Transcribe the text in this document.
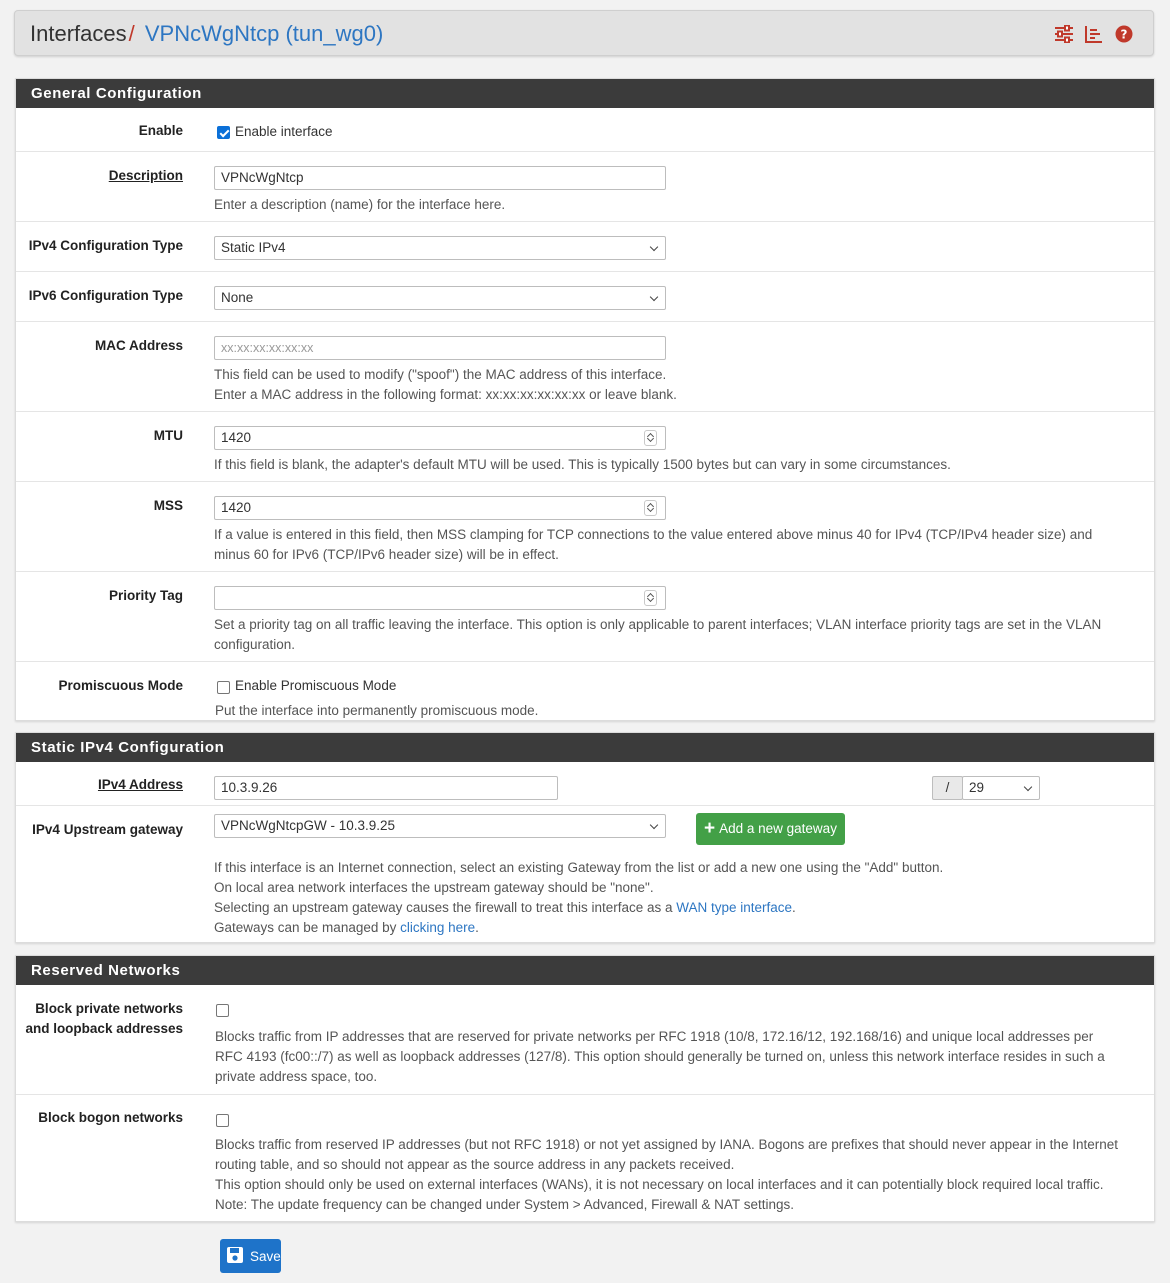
Interfaces/ VPNcWgNtcp (tun_wg0)	?
General Configuration
Enable	Enable interface
Description	VPNcWgNtcp
Enter a description (name) for the interface here.
IPv4 Configuration Type	Static IPv4
IPv6 Configuration Type	None
MAC Address	xx:xx:xx:xx:xx:xx
This field can be used to modify ("spoof") the MAC address of this interface.
Enter a MAC address in the following format: xx:xx:xx:xx:xx:xx or leave blank.
MTU	1420
If this field is blank, the adapter's default MTU will be used. This is typically 1500 bytes but can vary in some circumstances.
MSS	1420
If a value is entered in this field, then MSS clamping for TCP connections to the value entered above minus 40 for IPv4 (TCP/IPv4 header size) and
minus 60 for IPv6 (TCP/IPv6 header size) will be in effect.
Priority Tag
Set a priority tag on all traffic leaving the interface. This option is only applicable to parent interfaces; VLAN interface priority tags are set in the VLAN
configuration.
Promiscuous Mode	Enable Promiscuous Mode
Put the interface into permanently promiscuous mode.
Static IPv4 Configuration
IPv4 Address	10.3.9.26	/	29
IPv4 Upstream gateway	VPNcWgNtcpGW - 10.3.9.25	+ Add a new gateway
If this interface is an Internet connection, select an existing Gateway from the list or add a new one using the "Add" button.
On local area network interfaces the upstream gateway should be "none".
Selecting an upstream gateway causes the firewall to treat this interface as a WAN type interface.
Gateways can be managed by clicking here.
Reserved Networks
Block private networks
and loopback addresses
Blocks traffic from IP addresses that are reserved for private networks per RFC 1918 (10/8, 172.16/12, 192.168/16) and unique local addresses per
RFC 4193 (fc00::/7) as well as loopback addresses (127/8). This option should generally be turned on, unless this network interface resides in such a
private address space, too.
Block bogon networks
Blocks traffic from reserved IP addresses (but not RFC 1918) or not yet assigned by IANA. Bogons are prefixes that should never appear in the Internet
routing table, and so should not appear as the source address in any packets received.
This option should only be used on external interfaces (WANs), it is not necessary on local interfaces and it can potentially block required local traffic.
Note: The update frequency can be changed under System > Advanced, Firewall & NAT settings.
Save
